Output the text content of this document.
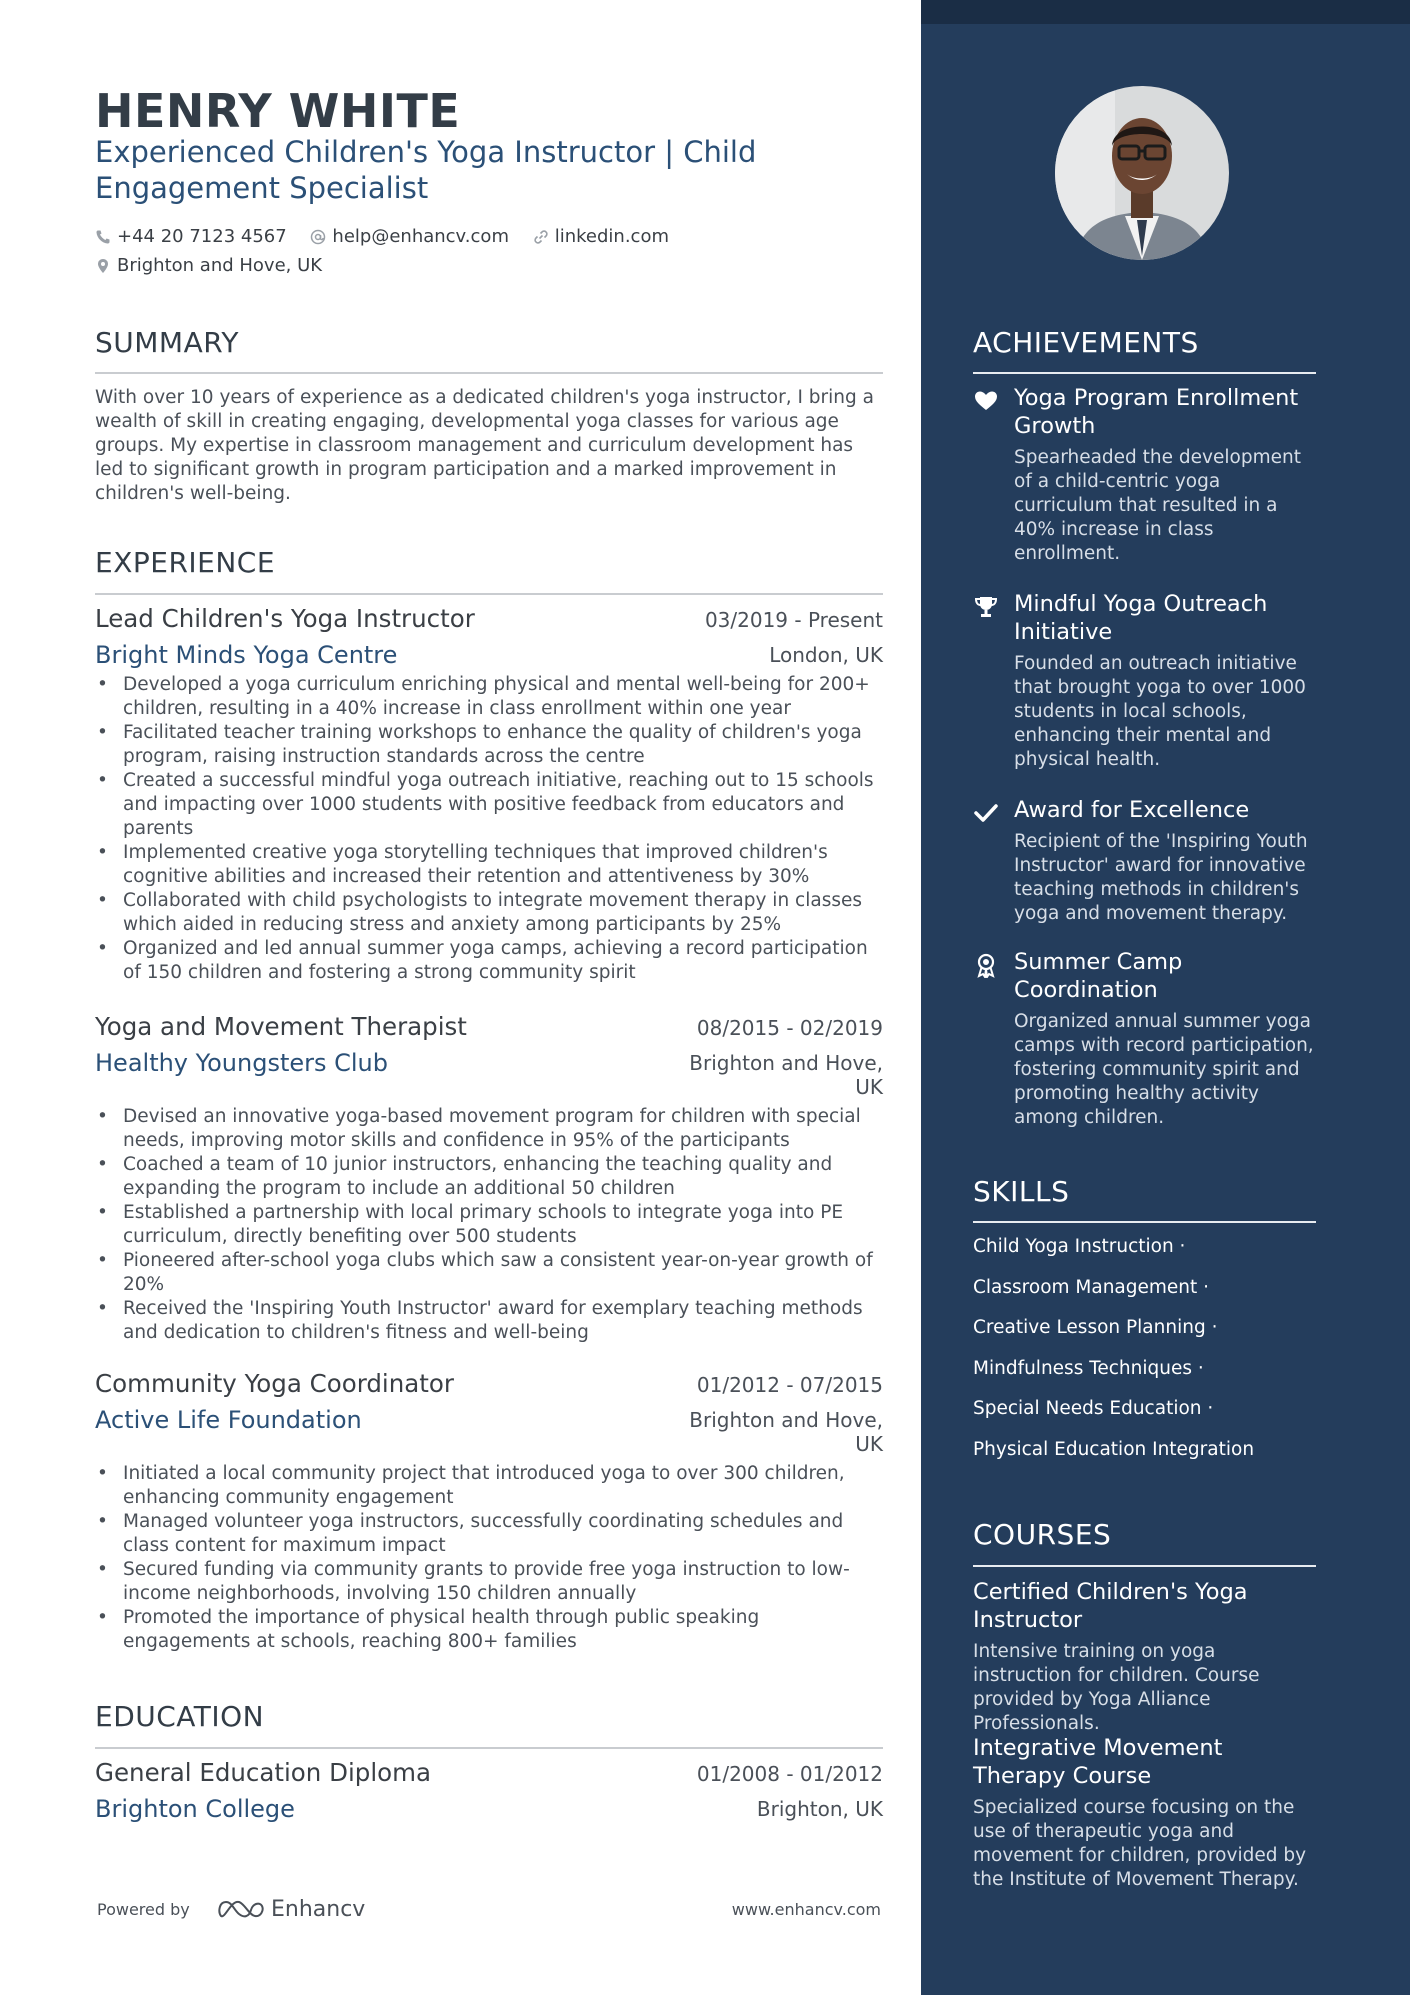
HENRY WHITE
Experienced Children's Yoga Instructor | Child Engagement Specialist
+44 20 7123 4567
	help@enhancv.com
	linkedin.com
Brighton and Hove, UK
SUMMARY
With over 10 years of experience as a dedicated children's yoga instructor, I bring a wealth of skill in creating engaging, developmental yoga classes for various age groups. My expertise in classroom management and curriculum development has led to significant growth in program participation and a marked improvement in children's well-being.
EXPERIENCE
Lead Children's Yoga Instructor	03/2019 - Present
Bright Minds Yoga Centre	London, UK
• Developed a yoga curriculum enriching physical and mental well-being for 200+ children, resulting in a 40% increase in class enrollment within one year
• Facilitated teacher training workshops to enhance the quality of children's yoga program, raising instruction standards across the centre
• Created a successful mindful yoga outreach initiative, reaching out to 15 schools and impacting over 1000 students with positive feedback from educators and parents
• Implemented creative yoga storytelling techniques that improved children's cognitive abilities and increased their retention and attentiveness by 30%
• Collaborated with child psychologists to integrate movement therapy in classes which aided in reducing stress and anxiety among participants by 25%
• Organized and led annual summer yoga camps, achieving a record participation of 150 children and fostering a strong community spirit
Yoga and Movement Therapist	08/2015 - 02/2019
Healthy Youngsters Club	Brighton and Hove, UK
• Devised an innovative yoga-based movement program for children with special needs, improving motor skills and confidence in 95% of the participants
• Coached a team of 10 junior instructors, enhancing the teaching quality and expanding the program to include an additional 50 children
• Established a partnership with local primary schools to integrate yoga into PE curriculum, directly benefiting over 500 students
• Pioneered after-school yoga clubs which saw a consistent year-on-year growth of 20%
• Received the 'Inspiring Youth Instructor' award for exemplary teaching methods and dedication to children's fitness and well-being
Community Yoga Coordinator	01/2012 - 07/2015
Active Life Foundation	Brighton and Hove, UK
• Initiated a local community project that introduced yoga to over 300 children, enhancing community engagement
• Managed volunteer yoga instructors, successfully coordinating schedules and class content for maximum impact
• Secured funding via community grants to provide free yoga instruction to low-income neighborhoods, involving 150 children annually
• Promoted the importance of physical health through public speaking engagements at schools, reaching 800+ families
EDUCATION
General Education Diploma	01/2008 - 01/2012
Brighton College	Brighton, UK
Powered by	Enhancv	www.enhancv.com
ACHIEVEMENTS
Yoga Program Enrollment Growth
Spearheaded the development of a child-centric yoga curriculum that resulted in a 40% increase in class enrollment.
Mindful Yoga Outreach Initiative
Founded an outreach initiative that brought yoga to over 1000 students in local schools, enhancing their mental and physical health.
Award for Excellence
Recipient of the 'Inspiring Youth Instructor' award for innovative teaching methods in children's yoga and movement therapy.
Summer Camp Coordination
Organized annual summer yoga camps with record participation, fostering community spirit and promoting healthy activity among children.
SKILLS
Child Yoga Instruction ·
Classroom Management ·
Creative Lesson Planning ·
Mindfulness Techniques ·
Special Needs Education ·
Physical Education Integration
COURSES
Certified Children's Yoga Instructor
Intensive training on yoga instruction for children. Course provided by Yoga Alliance Professionals.
Integrative Movement Therapy Course
Specialized course focusing on the use of therapeutic yoga and movement for children, provided by the Institute of Movement Therapy.
